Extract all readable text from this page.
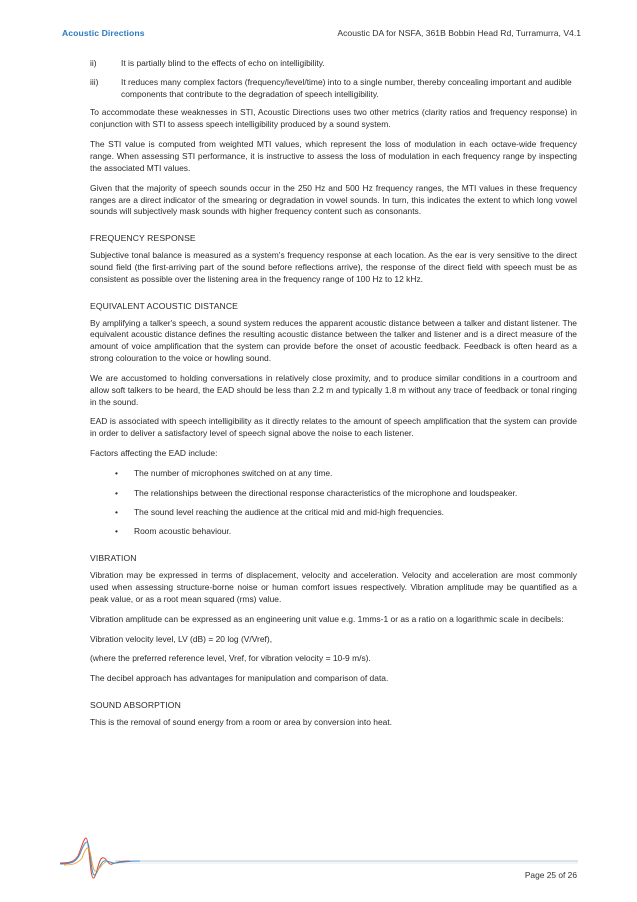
Acoustic Directions	Acoustic DA for NSFA, 361B Bobbin Head Rd, Turramurra, V4.1
ii)	It is partially blind to the effects of echo on intelligibility.
iii)	It reduces many complex factors (frequency/level/time) into to a single number, thereby concealing important and audible components that contribute to the degradation of speech intelligibility.

To accommodate these weaknesses in STI, Acoustic Directions uses two other metrics (clarity ratios and frequency response) in conjunction with STI to assess speech intelligibility produced by a sound system.

The STI value is computed from weighted MTI values, which represent the loss of modulation in each octave-wide frequency range. When assessing STI performance, it is instructive to assess the loss of modulation in each frequency range by inspecting the associated MTI values.

Given that the majority of speech sounds occur in the 250 Hz and 500 Hz frequency ranges, the MTI values in these frequency ranges are a direct indicator of the smearing or degradation in vowel sounds. In turn, this indicates the extent to which long vowel sounds will subjectively mask sounds with higher frequency content such as consonants.

FREQUENCY RESPONSE

Subjective tonal balance is measured as a system's frequency response at each location. As the ear is very sensitive to the direct sound field (the first-arriving part of the sound before reflections arrive), the response of the direct field with speech must be as consistent as possible over the listening area in the frequency range of 100 Hz to 12 kHz.

EQUIVALENT ACOUSTIC DISTANCE

By amplifying a talker's speech, a sound system reduces the apparent acoustic distance between a talker and distant listener. The equivalent acoustic distance defines the resulting acoustic distance between the talker and listener and is a direct measure of the amount of voice amplification that the system can provide before the onset of acoustic feedback. Feedback is often heard as a strong colouration to the voice or howling sound.

We are accustomed to holding conversations in relatively close proximity, and to produce similar conditions in a courtroom and allow soft talkers to be heard, the EAD should be less than 2.2 m and typically 1.8 m without any trace of feedback or tonal ringing in the sound.

EAD is associated with speech intelligibility as it directly relates to the amount of speech amplification that the system can provide in order to deliver a satisfactory level of speech signal above the noise to each listener.

Factors affecting the EAD include:

• The number of microphones switched on at any time.
• The relationships between the directional response characteristics of the microphone and loudspeaker.
• The sound level reaching the audience at the critical mid and mid-high frequencies.
• Room acoustic behaviour.
VIBRATION

Vibration may be expressed in terms of displacement, velocity and acceleration. Velocity and acceleration are most commonly used when assessing structure-borne noise or human comfort issues respectively. Vibration amplitude may be quantified as a peak value, or as a root mean squared (rms) value.

Vibration amplitude can be expressed as an engineering unit value e.g. 1mms-1 or as a ratio on a logarithmic scale in decibels:

Vibration velocity level, LV (dB) = 20 log (V/Vref),

(where the preferred reference level, Vref, for vibration velocity = 10-9 m/s).

The decibel approach has advantages for manipulation and comparison of data.

SOUND ABSORPTION

This is the removal of sound energy from a room or area by conversion into heat.

Page 25 of 26
